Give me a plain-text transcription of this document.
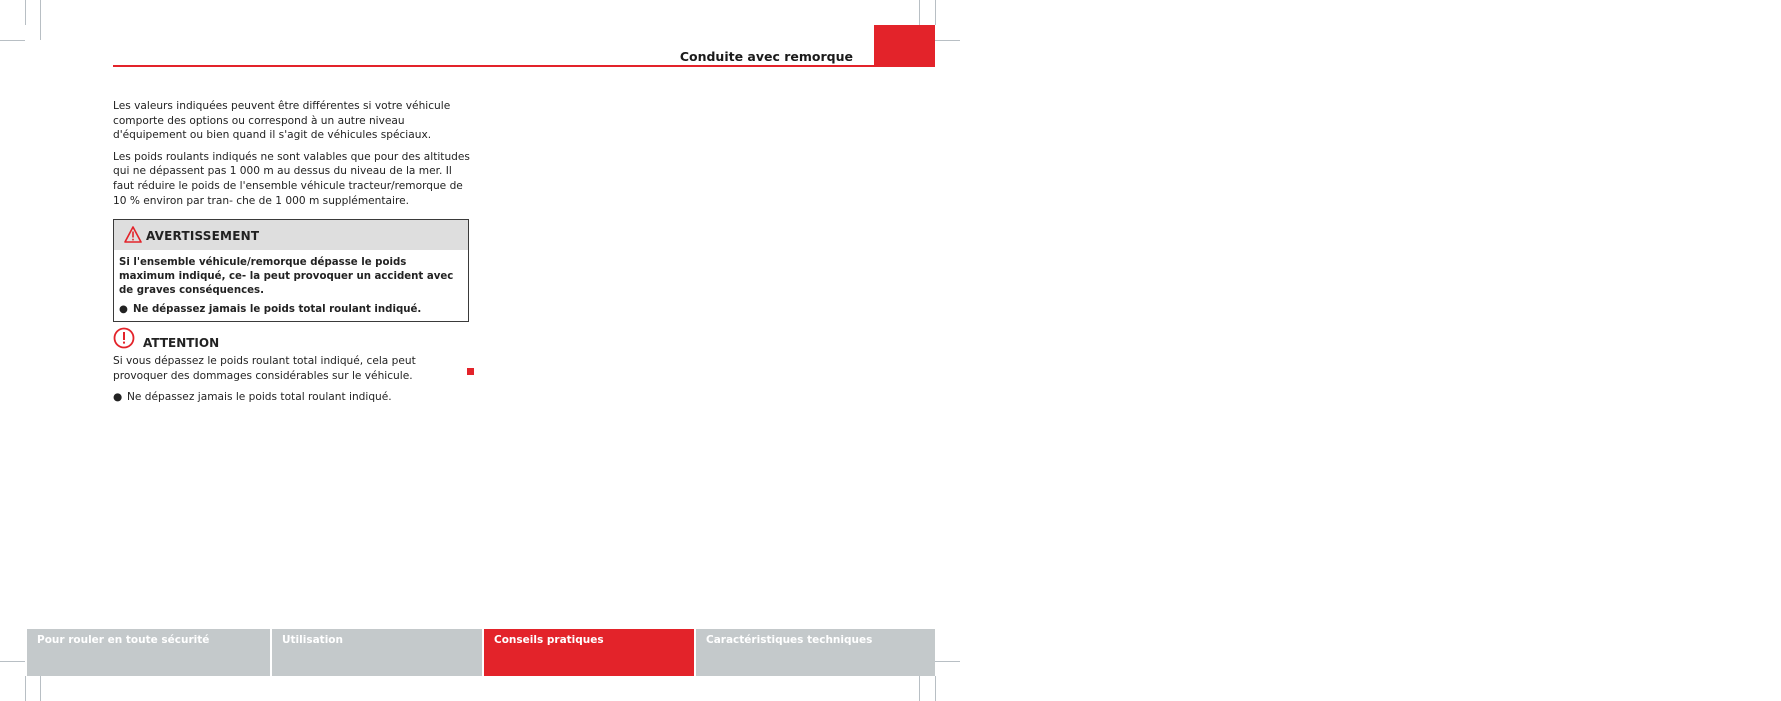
Conduite avec remorque	259

Les valeurs indiquées peuvent être différentes si votre véhicule comporte des options ou correspond à un autre niveau d'équipement ou bien quand il s'agit de véhicules spéciaux.

Les poids roulants indiqués ne sont valables que pour des altitudes qui ne dépassent pas 1 000 m au dessus du niveau de la mer. Il faut réduire le poids de l'ensemble véhicule tracteur/remorque de 10 % environ par tran- che de 1 000 m supplémentaire.

AVERTISSEMENT

Si l'ensemble véhicule/remorque dépasse le poids maximum indiqué, ce- la peut provoquer un accident avec de graves conséquences.

● Ne dépassez jamais le poids total roulant indiqué.
ATTENTION

Si vous dépassez le poids roulant total indiqué, cela peut provoquer des dommages considérables sur le véhicule.

● Ne dépassez jamais le poids total roulant indiqué.
Pour rouler en toute sécurité	Utilisation	Conseils pratiques	Caractéristiques techniques
